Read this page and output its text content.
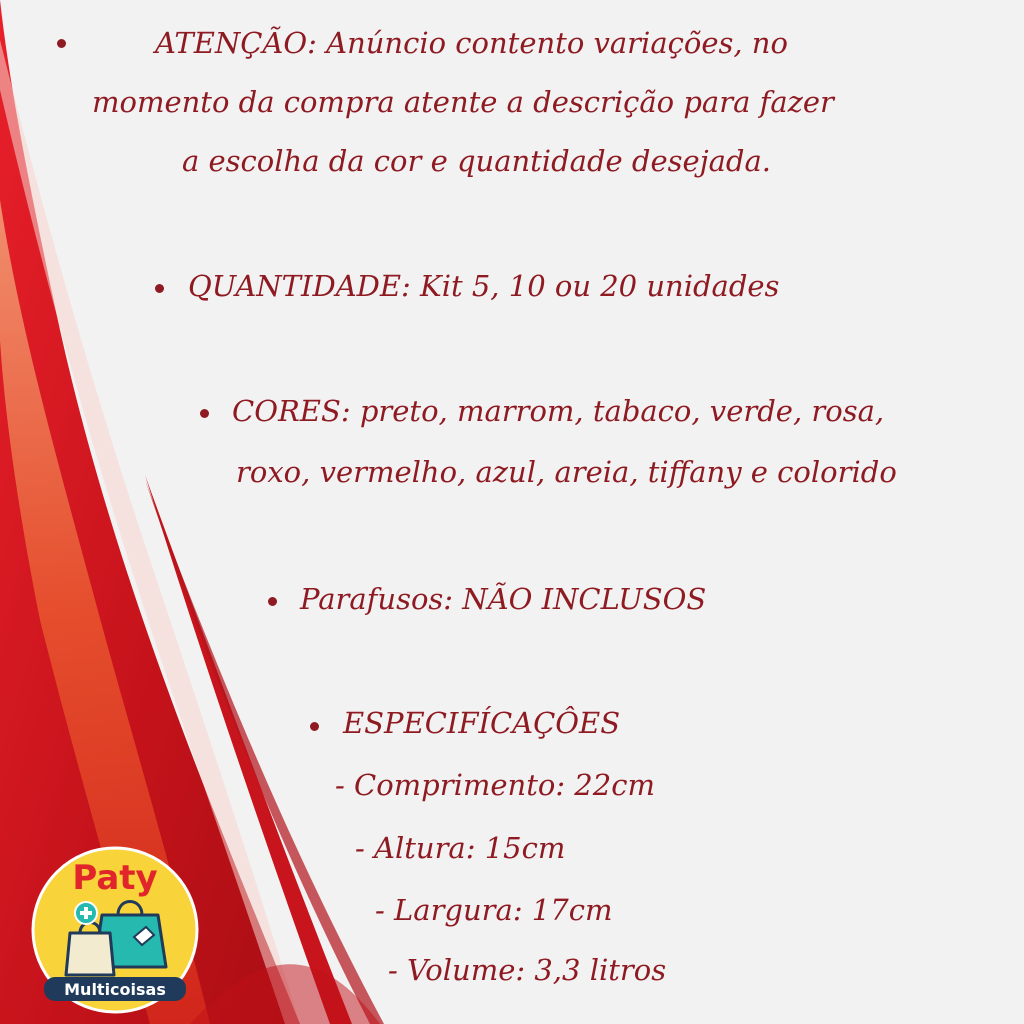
ATENÇÃO: Anúncio contento variações, no
momento da compra atente a descrição para fazer
a escolha da cor e quantidade desejada.
QUANTIDADE: Kit 5, 10 ou 20 unidades
CORES: preto, marrom, tabaco, verde, rosa,
roxo, vermelho, azul, areia, tiffany e colorido
Parafusos: NÃO INCLUSOS
ESPECIFÍCAÇÔES
- Comprimento: 22cm
- Altura: 15cm
- Largura: 17cm
- Volume: 3,3 litros
Paty
Multicoisas
